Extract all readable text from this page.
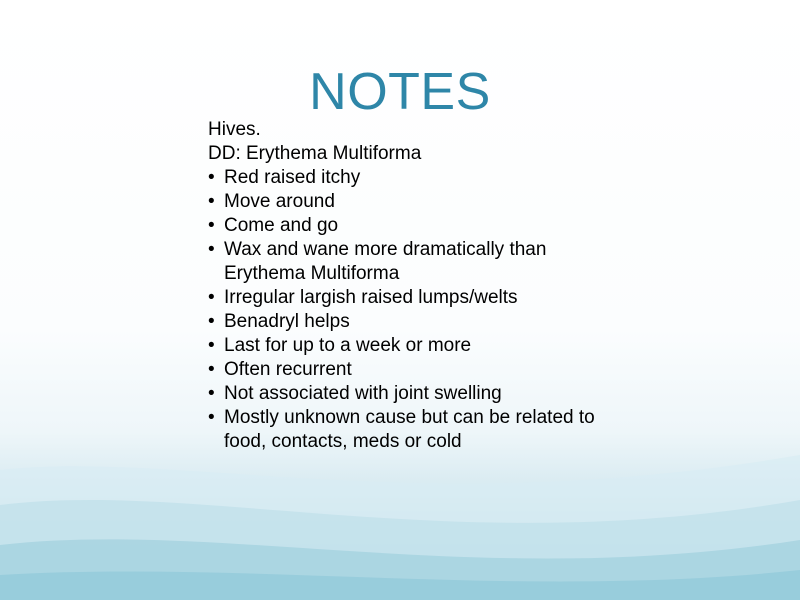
NOTES

Hives.

DD: Erythema Multiforma

• Red raised itchy
• Move around
• Come and go
• Wax and wane more dramatically than Erythema Multiforma
• Irregular largish raised lumps/welts
• Benadryl helps
• Last for up to a week or more
• Often recurrent
• Not associated with joint swelling
• Mostly unknown cause but can be related to food, contacts, meds or cold
